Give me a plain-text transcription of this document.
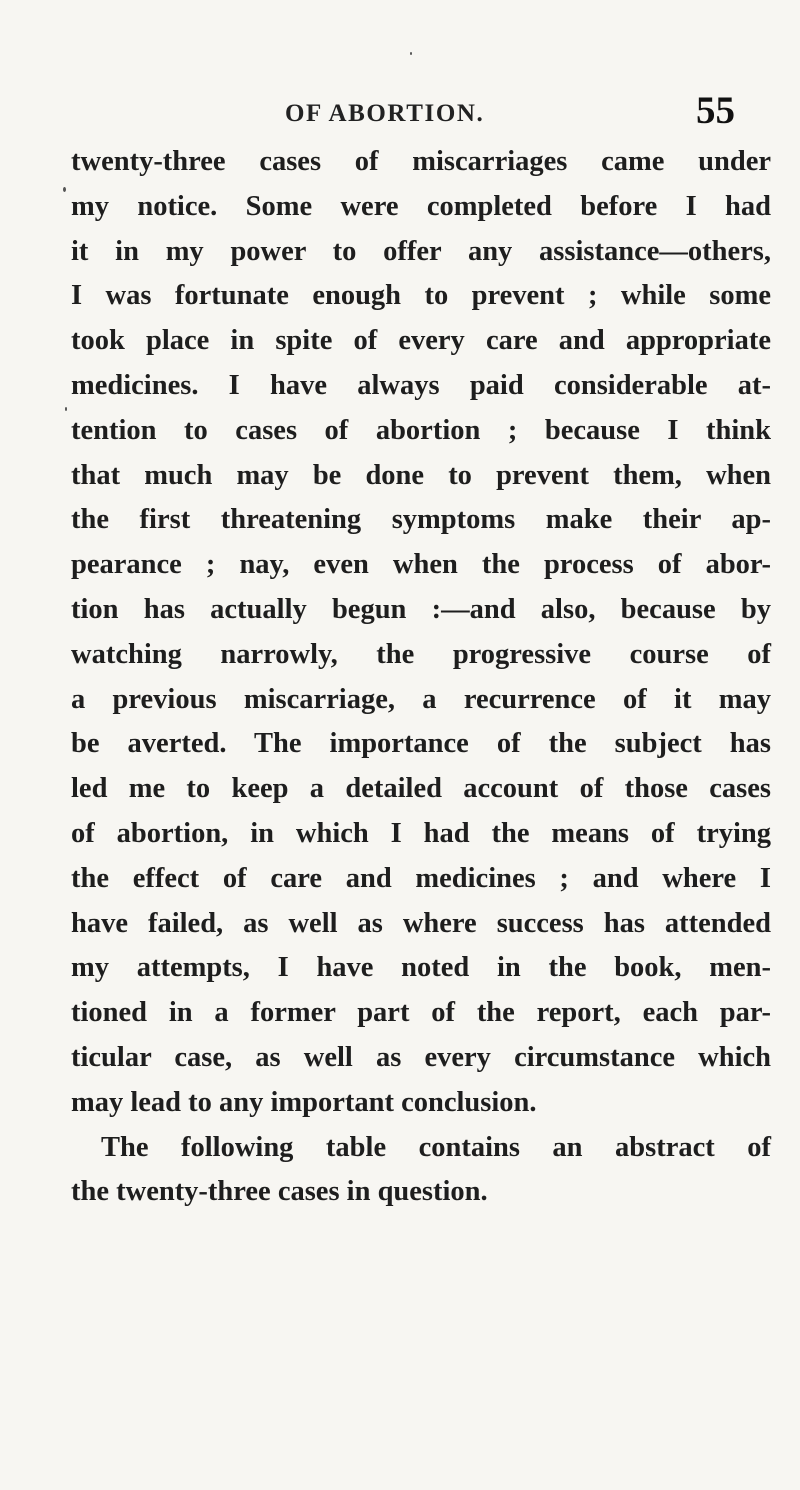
OF ABORTION.	55
twenty-three cases of miscarriages came under
my notice. Some were completed before I had
it in my power to offer any assistance—others,
I was fortunate enough to prevent ; while some
took place in spite of every care and appropriate
medicines. I have always paid considerable at-
tention to cases of abortion ; because I think
that much may be done to prevent them, when
the first threatening symptoms make their ap-
pearance ; nay, even when the process of abor-
tion has actually begun :—and also, because by
watching narrowly, the progressive course of
a previous miscarriage, a recurrence of it may
be averted. The importance of the subject has
led me to keep a detailed account of those cases
of abortion, in which I had the means of trying
the effect of care and medicines ; and where I
have failed, as well as where success has attended
my attempts, I have noted in the book, men-
tioned in a former part of the report, each par-
ticular case, as well as every circumstance which
may lead to any important conclusion.
The following table contains an abstract of
the twenty-three cases in question.
